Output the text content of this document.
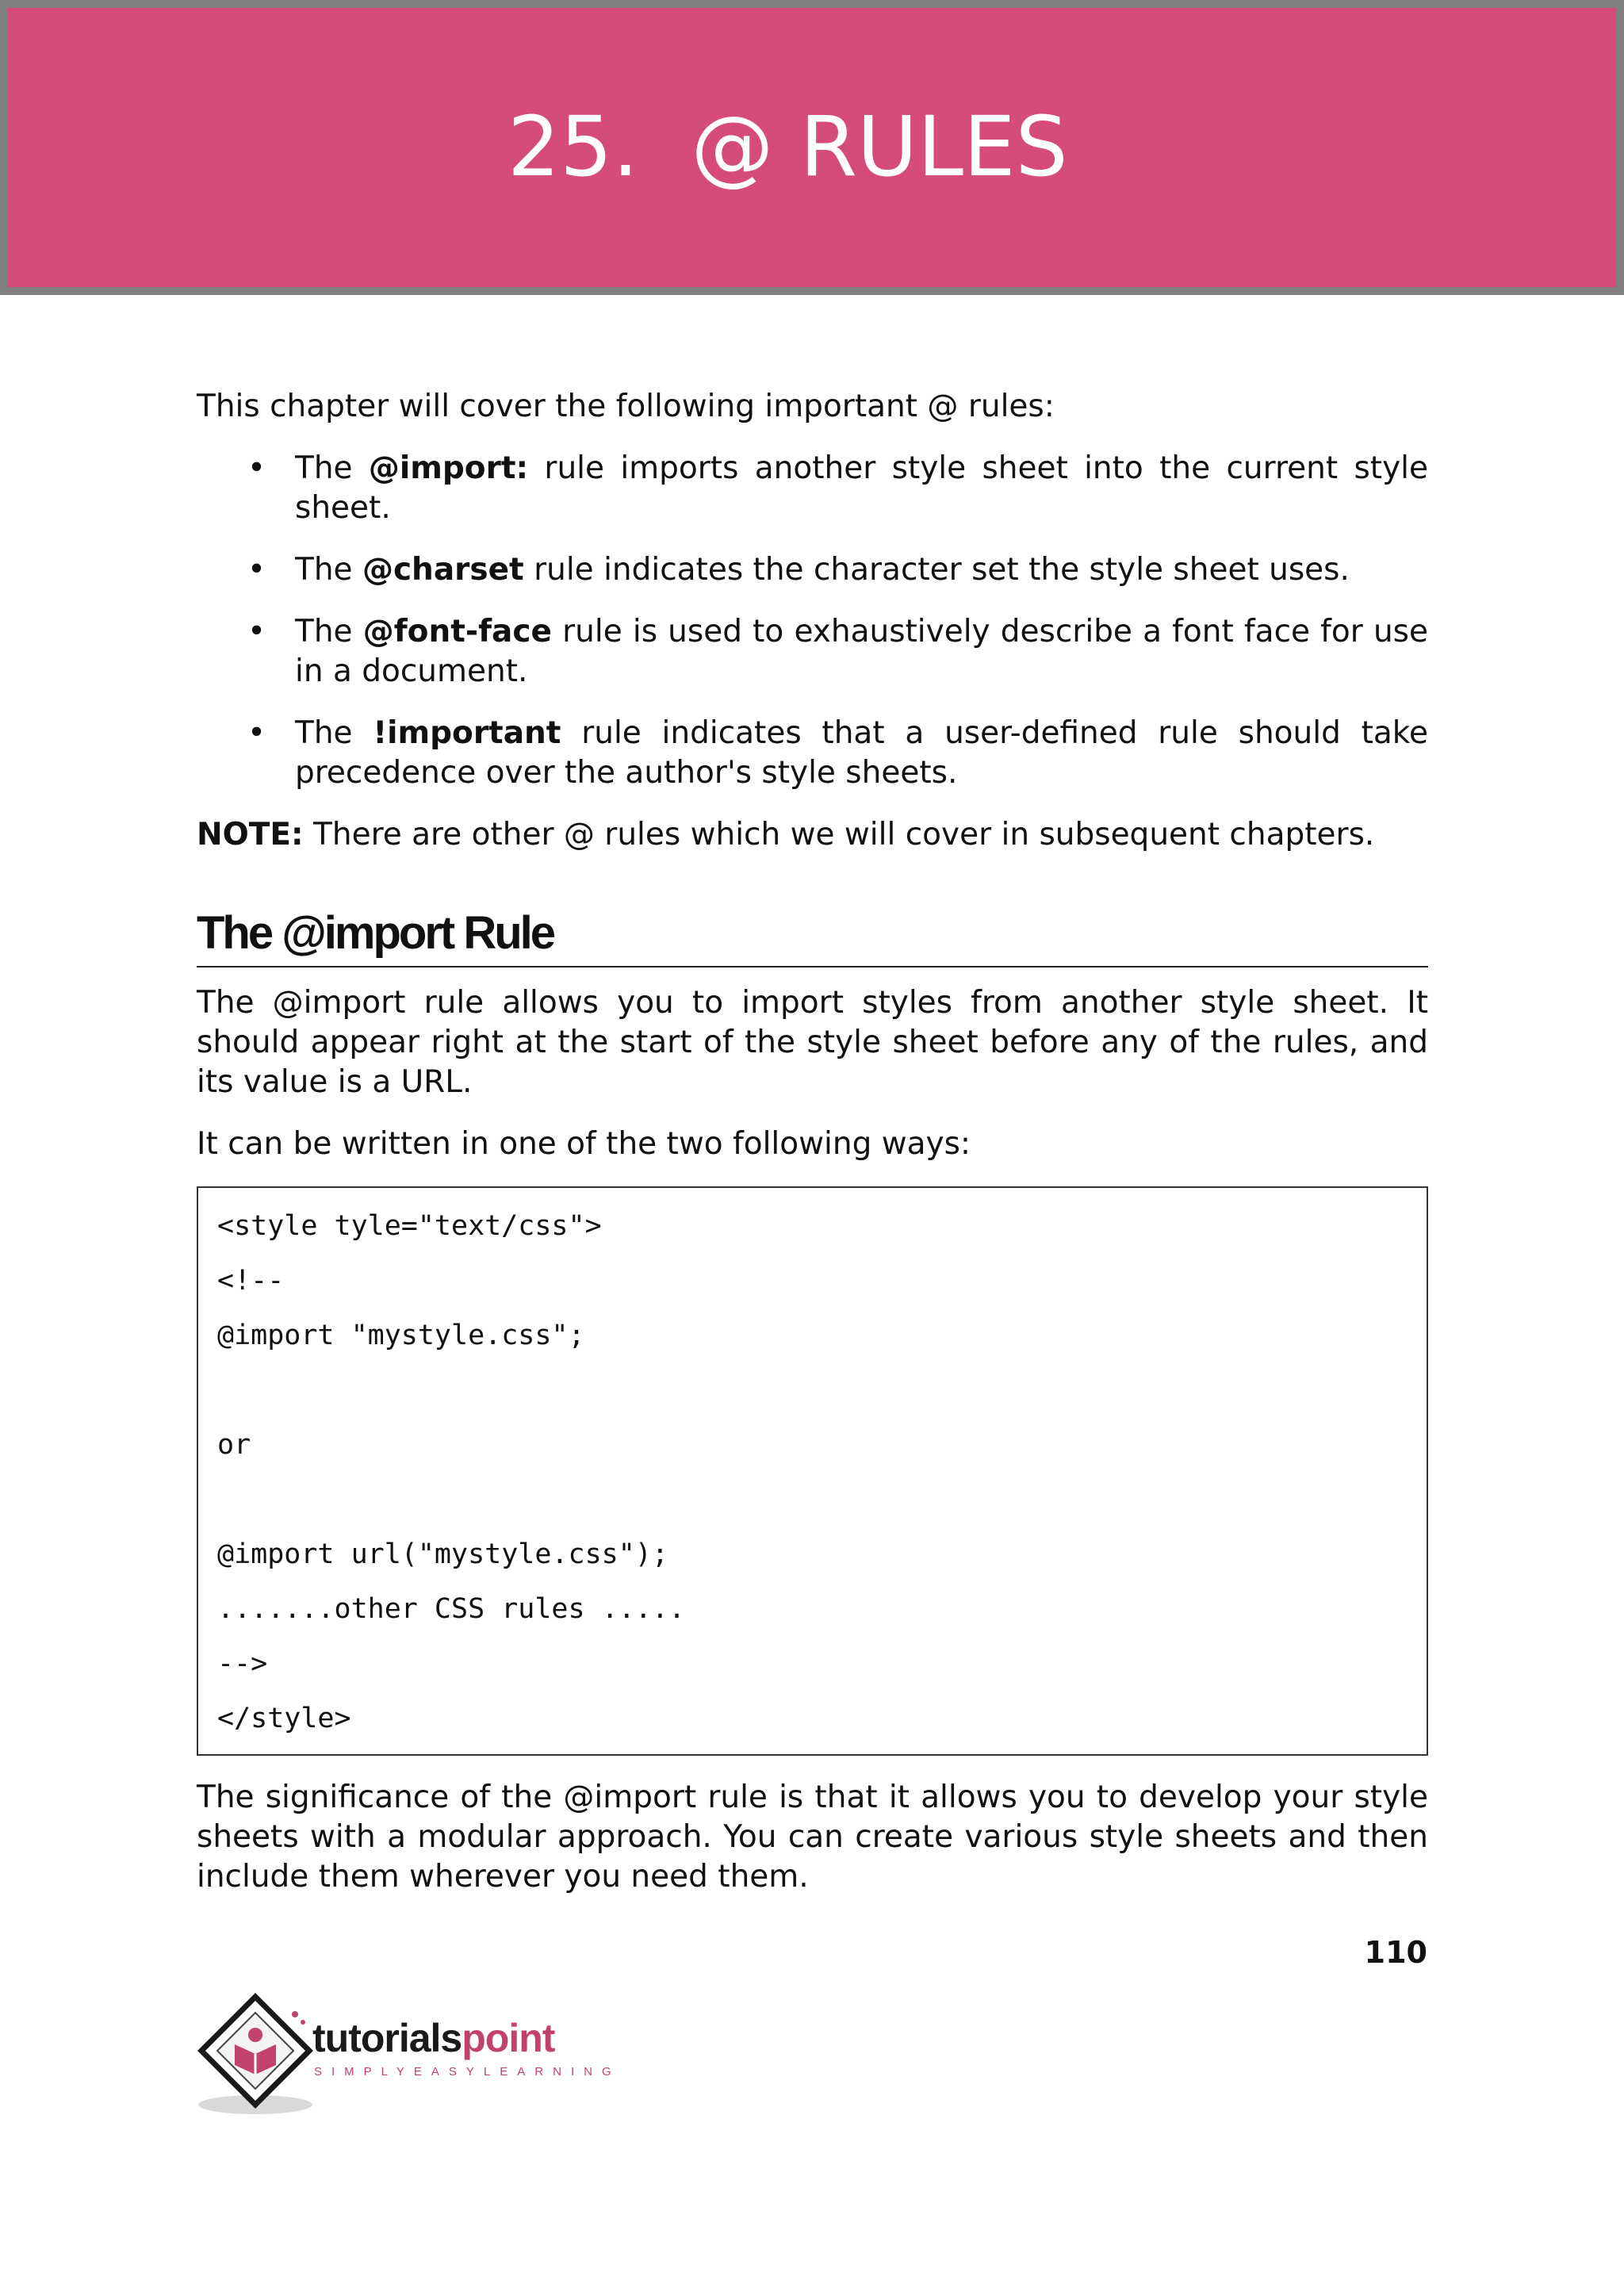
25.  @ RULES

This chapter will cover the following important @ rules:

• The @import: rule imports another style sheet into the current style sheet.
• The @charset rule indicates the character set the style sheet uses.
• The @font-face rule is used to exhaustively describe a font face for use in a document.
• The !important rule indicates that a user-defined rule should take precedence over the author's style sheets.

NOTE: There are other @ rules which we will cover in subsequent chapters.

The @import Rule

The @import rule allows you to import styles from another style sheet. It should appear right at the start of the style sheet before any of the rules, and its value is a URL.

It can be written in one of the two following ways:

<style tyle="text/css">
<!--
@import "mystyle.css";
or
@import url("mystyle.css");
.......other CSS rules .....
-->
</style>

The significance of the @import rule is that it allows you to develop your style sheets with a modular approach. You can create various style sheets and then include them wherever you need them.

110
tutorialspoint
SIMPLYEASYLEARNING
